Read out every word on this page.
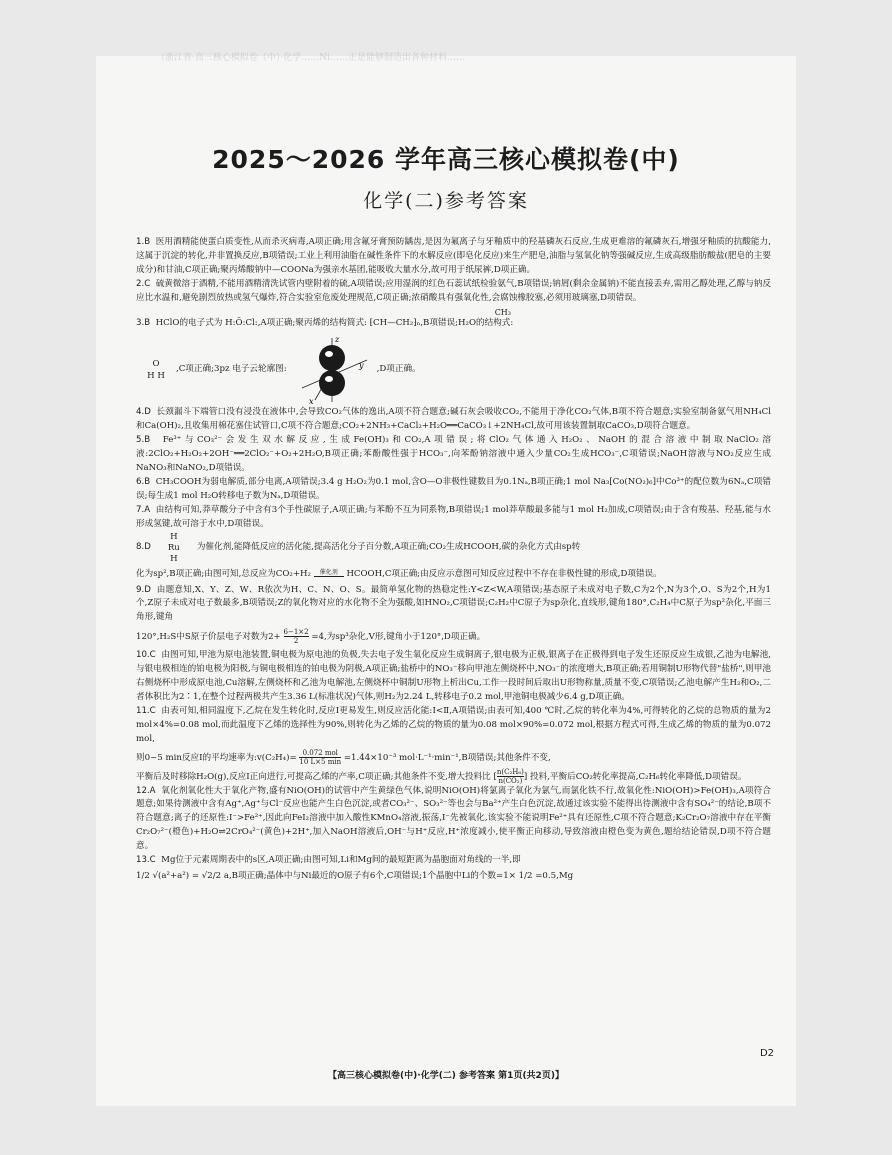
（浙江省·高三核心模拟卷（中）·化学……Ni……正是能够制造出各种材料……
2025～2026 学年高三核心模拟卷(中)
化学(二)参考答案

1.B 医用酒精能使蛋白质变性,从而杀灭病毒,A项正确;用含氟牙膏预防龋齿,是因为氟离子与牙釉质中的羟基磷灰石反应,生成更难溶的氟磷灰石,增强牙釉质的抗酸能力,这属于沉淀的转化,并非置换反应,B项错误;工业上利用油脂在碱性条件下的水解反应(即皂化反应)来生产肥皂,油脂与氢氧化钠等强碱反应,生成高级脂肪酸盐(肥皂的主要成分)和甘油,C项正确;聚丙烯酸钠中—COONa为强亲水基团,能吸收大量水分,故可用于纸尿裤,D项正确。

2.C 硫黄微溶于酒精,不能用酒精清洗试管内壁附着的硫,A项错误;应用湿润的红色石蕊试纸检验氨气,B项错误;钠屑(剩余金属钠)不能直接丢弃,需用乙醇处理,乙醇与钠反应比水温和,避免剧烈放热或氢气爆炸,符合实验室危废处理规范,C项正确;浓硝酸具有强氧化性,会腐蚀橡胶塞,必须用玻璃塞,D项错误。

CH₃
3.B HClO的电子式为 H:Ö:Cl:,A项正确;聚丙烯的结构简式: ⁅CH—CH₂⁆ₙ,B项错误;H₂O的结构式:
O
H H
,C项正确;3pz 电子云轮廓图:
z
x
y ,D项正确。

4.D 长颈漏斗下端管口没有浸没在液体中,会导致CO₂气体的逸出,A项不符合题意;碱石灰会吸收CO₂,不能用于净化CO₂气体,B项不符合题意;实验室制备氨气用NH₄Cl和Ca(OH)₂,且收集用棉花塞住试管口,C项不符合题意;CO₂+2NH₃+CaCl₂+H₂O══CaCO₃↓+2NH₄Cl,故可用该装置制取CaCO₃,D项符合题意。

5.B Fe³⁺与CO₃²⁻会发生双水解反应,生成Fe(OH)₃和CO₂,A项错误;将ClO₂气体通入H₂O₂、NaOH的混合溶液中制取NaClO₂溶液:2ClO₂+H₂O₂+2OH⁻══2ClO₂⁻+O₂+2H₂O,B项正确;苯酚酸性强于HCO₃⁻,向苯酚钠溶液中通入少量CO₂生成HCO₃⁻,C项错误;NaOH溶液与NO₂反应生成NaNO₃和NaNO₂,D项错误。

6.B CH₃COOH为弱电解质,部分电离,A项错误;3.4 g H₂O₂为0.1 mol,含O—O非极性键数目为0.1Nₐ,B项正确;1 mol Na₃[Co(NO₂)₆]中Co³⁺的配位数为6Nₐ,C项错误;每生成1 mol H₂O转移电子数为Nₐ,D项错误。

7.A 由结构可知,莽草酸分子中含有3个手性碳原子,A项正确;与苯酚不互为同系物,B项错误;1 mol莽草酸最多能与1 mol H₂加成,C项错误;由于含有羧基、羟基,能与水形成氢键,故可溶于水中,D项错误。

8.D
H
Ru
H
为催化剂,能降低反应的活化能,提高活化分子百分数,A项正确;CO₂生成HCOOH,碳的杂化方式由sp转
化为sp²,B项正确;由图可知,总反应为CO₂+H₂	催化剂	HCOOH,C项正确;由反应示意图可知反应过程中不存在非极性键的形成,D项错误。
9.D 由题意知,X、Y、Z、W、R依次为H、C、N、O、S。最简单氢化物的热稳定性:Y<Z<W,A项错误;基态原子未成对电子数,C为2个,N为3个,O、S为2个,H为1个,Z原子未成对电子数最多,B项错误;Z的氧化物对应的水化物不全为强酸,如HNO₂,C项错误;C₂H₂中C原子为sp杂化,直线形,键角180°,C₂H₄中C原子为sp²杂化,平面三角形,键角
120°,H₂S中S原子价层电子对数为$2+ \frac{6-1\times 2}{2} =4$,为sp³杂化,V形,键角小于120°,D项正确。

10.C 由图可知,甲池为原电池装置,铜电极为原电池的负极,失去电子发生氧化反应生成铜离子,银电极为正极,银离子在正极得到电子发生还原反应生成银,乙池为电解池,与银电极相连的铂电极为阳极,与铜电极相连的铂电极为阴极,A项正确;盐桥中的NO₃⁻移向甲池左侧烧杯中,NO₃⁻的浓度增大,B项正确;若用铜制U形物代替"盐桥",则甲池右侧烧杯中形成原电池,Cu溶解,左侧烧杯和乙池为电解池,左侧烧杯中铜制U形物上析出Cu,工作一段时间后取出U形物称量,质量不变,C项错误;乙池电解产生H₂和O₂,二者体积比为2∶1,在整个过程两极共产生3.36 L(标准状况)气体,则H₂为2.24 L,转移电子0.2 mol,甲池铜电极减少6.4 g,D项正确。

11.C 由表可知,相同温度下,乙烷在发生转化时,反应Ⅰ更易发生,则反应活化能:Ⅰ<Ⅱ,A项错误;由表可知,400 ℃时,乙烷的转化率为4%,可得转化的乙烷的总物质的量为2 mol×4%=0.08 mol,而此温度下乙烯的选择性为90%,则转化为乙烯的乙烷的物质的量为0.08 mol×90%=0.072 mol,根据方程式可得,生成乙烯的物质的量为0.072 mol,
则0~5 min反应Ⅰ的平均速率为:v(C₂H₄)= 0.072 mol
10 L×5 min =1.44×10⁻³ mol·L⁻¹·min⁻¹,B项错误;其他条件不变,
平衡后及时移除H₂O(g),反应Ⅰ正向进行,可提高乙烯的产率,C项正确;其他条件不变,增大投料比 [ $\frac{\text{n(C₂H₆)}}{\text{n(CO₂)}}$ ] 投料,平衡后CO₂转化率提高,C₂H₆转化率降低,D项错误。

12.A 氧化剂氧化性大于氧化产物,盛有NiO(OH)的试管中产生黄绿色气体,说明NiO(OH)将氯离子氧化为氯气,而氯化铁不行,故氧化性:NiO(OH)>Fe(OH)₃,A项符合题意;如果待测液中含有Ag⁺,Ag⁺与Cl⁻反应也能产生白色沉淀,或者CO₃²⁻、SO₃²⁻等也会与Ba²⁺产生白色沉淀,故通过该实验不能得出待测液中含有SO₄²⁻的结论,B项不符合题意;离子的还原性:I⁻>Fe²⁺,因此向FeI₂溶液中加入酸性KMnO₄溶液,振荡,I⁻先被氧化,该实验不能说明Fe²⁺具有还原性,C项不符合题意;K₂Cr₂O₇溶液中存在平衡Cr₂O₇²⁻(橙色)+H₂O⇌2CrO₄²⁻(黄色)+2H⁺,加入NaOH溶液后,OH⁻与H⁺反应,H⁺浓度减小,使平衡正向移动,导致溶液由橙色变为黄色,题给结论错误,D项不符合题意。

13.C Mg位于元素周期表中的s区,A项正确;由图可知,Li和Mg间的最短距离为晶胞面对角线的一半,即
1/2 √(a²+a²) = √2/2 a,B项正确;晶体中与Ni最近的O原子有6个,C项错误;1个晶胞中Li的个数=1× 1/2 =0.5,Mg
D2
【高三核心模拟卷(中)·化学(二) 参考答案 第1页(共2页)】
